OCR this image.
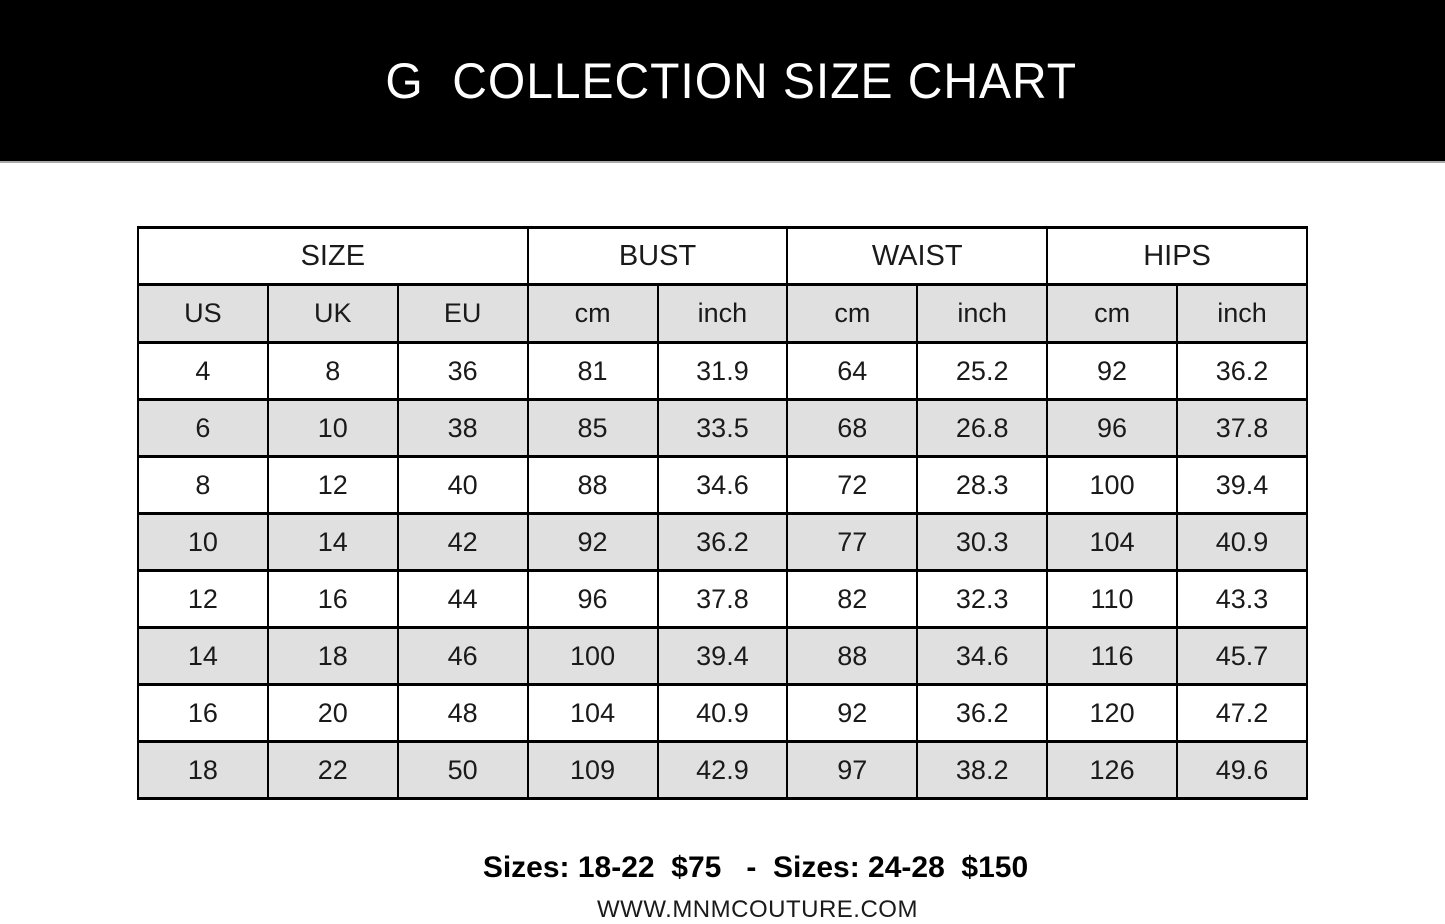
G  COLLECTION SIZE CHART
SIZE			BUST		WAIST		HIPS	
US	UK	EU	cm	inch	cm	inch	cm	inch
4	8	36	81	31.9	64	25.2	92	36.2
6	10	38	85	33.5	68	26.8	96	37.8
8	12	40	88	34.6	72	28.3	100	39.4
10	14	42	92	36.2	77	30.3	104	40.9
12	16	44	96	37.8	82	32.3	110	43.3
14	18	46	100	39.4	88	34.6	116	45.7
16	20	48	104	40.9	92	36.2	120	47.2
18	22	50	109	42.9	97	38.2	126	49.6
Sizes: 18-22  $75   -  Sizes: 24-28  $150
WWW.MNMCOUTURE.COM
